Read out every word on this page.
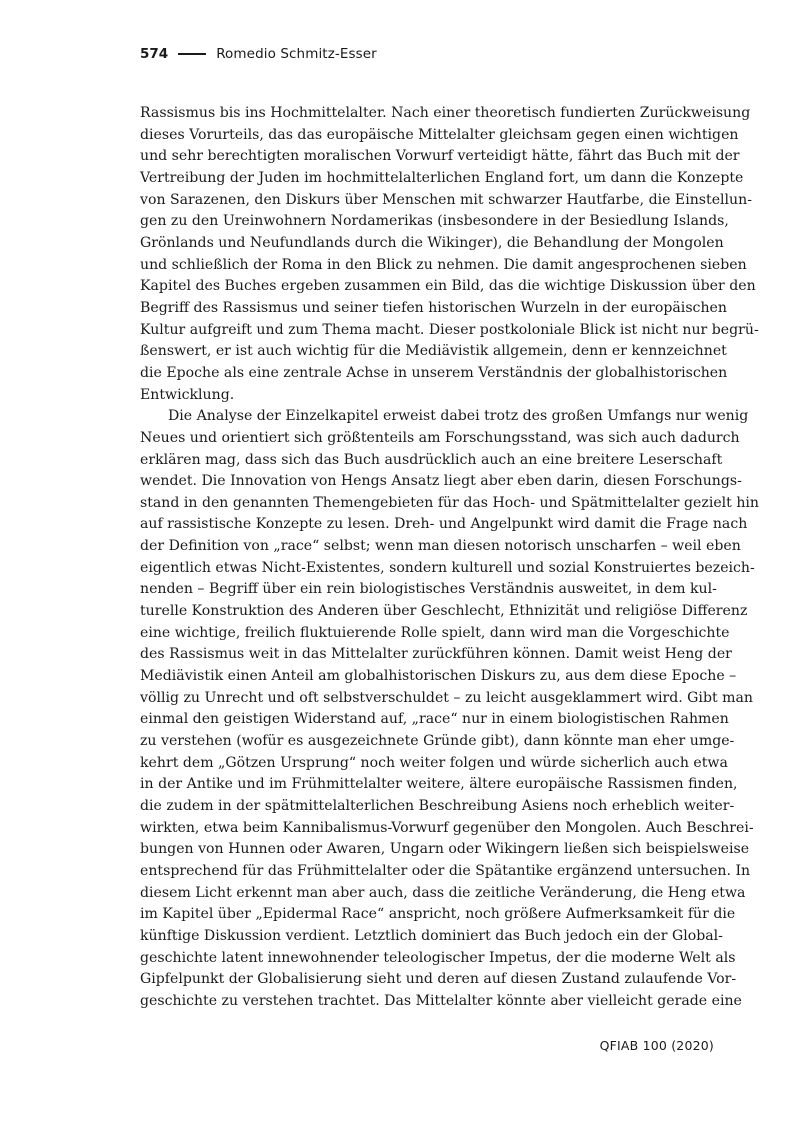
574	Romedio Schmitz-Esser
Rassismus bis ins Hochmittelalter. Nach einer theoretisch fundierten Zurückweisung
dieses Vorurteils, das das europäische Mittelalter gleichsam gegen einen wichtigen
und sehr berechtigten moralischen Vorwurf verteidigt hätte, fährt das Buch mit der
Vertreibung der Juden im hochmittelalterlichen England fort, um dann die Konzepte
von Sarazenen, den Diskurs über Menschen mit schwarzer Hautfarbe, die Einstellun-
gen zu den Ureinwohnern Nordamerikas (insbesondere in der Besiedlung Islands,
Grönlands und Neufundlands durch die Wikinger), die Behandlung der Mongolen
und schließlich der Roma in den Blick zu nehmen. Die damit angesprochenen sieben
Kapitel des Buches ergeben zusammen ein Bild, das die wichtige Diskussion über den
Begriff des Rassismus und seiner tiefen historischen Wurzeln in der europäischen
Kultur aufgreift und zum Thema macht. Dieser postkoloniale Blick ist nicht nur begrü-
ßenswert, er ist auch wichtig für die Mediävistik allgemein, denn er kennzeichnet
die Epoche als eine zentrale Achse in unserem Verständnis der globalhistorischen
Entwicklung.
Die Analyse der Einzelkapitel erweist dabei trotz des großen Umfangs nur wenig
Neues und orientiert sich größtenteils am Forschungsstand, was sich auch dadurch
erklären mag, dass sich das Buch ausdrücklich auch an eine breitere Leserschaft
wendet. Die Innovation von Hengs Ansatz liegt aber eben darin, diesen Forschungs-
stand in den genannten Themengebieten für das Hoch- und Spätmittelalter gezielt hin
auf rassistische Konzepte zu lesen. Dreh- und Angelpunkt wird damit die Frage nach
der Definition von „race“ selbst; wenn man diesen notorisch unscharfen – weil eben
eigentlich etwas Nicht-Existentes, sondern kulturell und sozial Konstruiertes bezeich-
nenden – Begriff über ein rein biologistisches Verständnis ausweitet, in dem kul-
turelle Konstruktion des Anderen über Geschlecht, Ethnizität und religiöse Differenz
eine wichtige, freilich fluktuierende Rolle spielt, dann wird man die Vorgeschichte
des Rassismus weit in das Mittelalter zurückführen können. Damit weist Heng der
Mediävistik einen Anteil am globalhistorischen Diskurs zu, aus dem diese Epoche –
völlig zu Unrecht und oft selbstverschuldet – zu leicht ausgeklammert wird. Gibt man
einmal den geistigen Widerstand auf, „race“ nur in einem biologistischen Rahmen
zu verstehen (wofür es ausgezeichnete Gründe gibt), dann könnte man eher umge-
kehrt dem „Götzen Ursprung“ noch weiter folgen und würde sicherlich auch etwa
in der Antike und im Frühmittelalter weitere, ältere europäische Rassismen finden,
die zudem in der spätmittelalterlichen Beschreibung Asiens noch erheblich weiter-
wirkten, etwa beim Kannibalismus-Vorwurf gegenüber den Mongolen. Auch Beschrei-
bungen von Hunnen oder Awaren, Ungarn oder Wikingern ließen sich beispielsweise
entsprechend für das Frühmittelalter oder die Spätantike ergänzend untersuchen. In
diesem Licht erkennt man aber auch, dass die zeitliche Veränderung, die Heng etwa
im Kapitel über „Epidermal Race“ anspricht, noch größere Aufmerksamkeit für die
künftige Diskussion verdient. Letztlich dominiert das Buch jedoch ein der Global-
geschichte latent innewohnender teleologischer Impetus, der die moderne Welt als
Gipfelpunkt der Globalisierung sieht und deren auf diesen Zustand zulaufende Vor-
geschichte zu verstehen trachtet. Das Mittelalter könnte aber vielleicht gerade eine
QFIAB 100 (2020)
